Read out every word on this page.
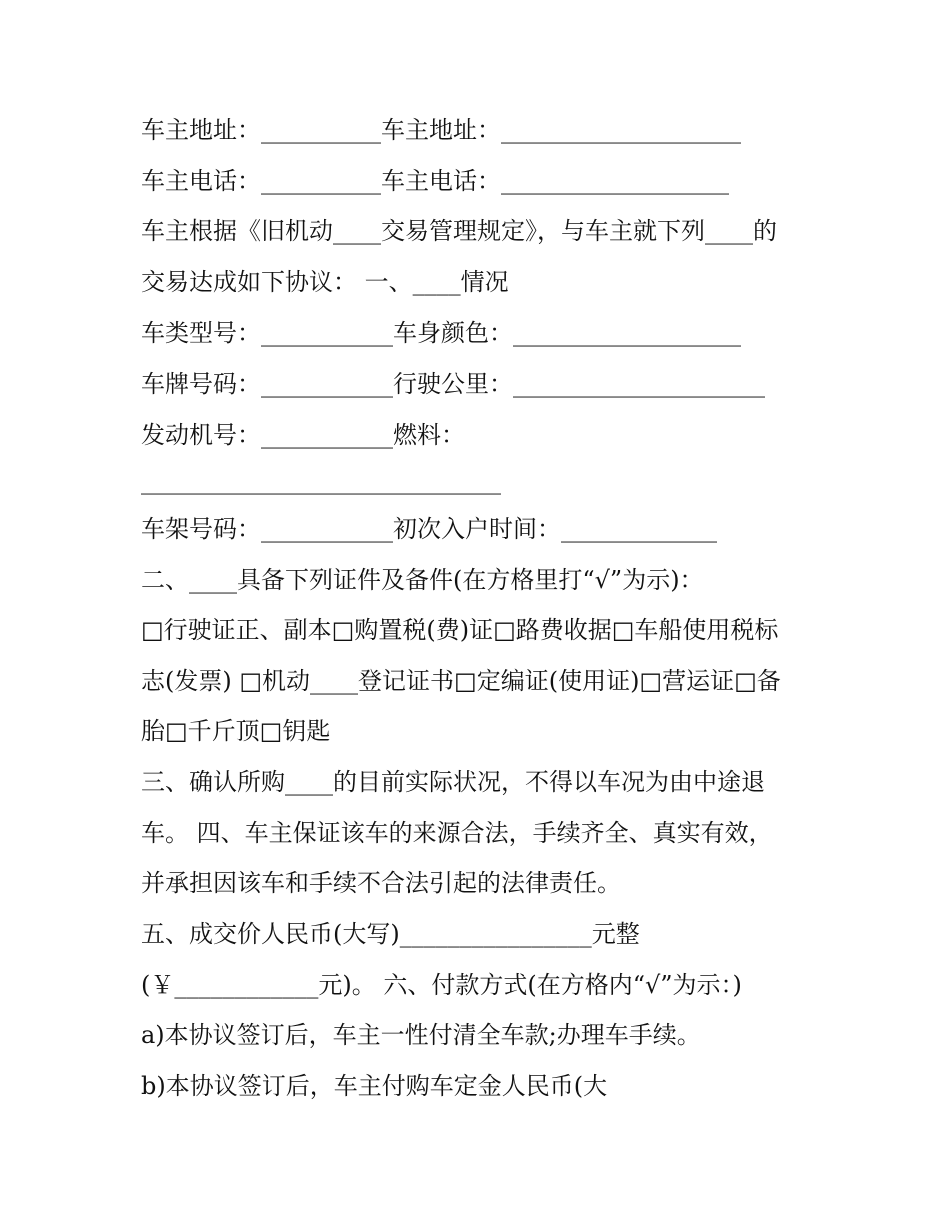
车主地址：__________车主地址：____________________
车主电话：__________车主电话：___________________
车主根据《旧机动____交易管理规定》，与车主就下列____的
交易达成如下协议： 一、____情况
车类型号：___________车身颜色：___________________
车牌号码：___________行驶公里：_____________________
发动机号：___________燃料：
______________________________
车架号码：___________初次入户时间：_____________
二、____具备下列证件及备件(在方格里打“√”为示)：
□行驶证正、副本□购置税(费)证□路费收据□车船使用税标
志(发票) □机动____登记证书□定编证(使用证)□营运证□备
胎□千斤顶□钥匙
三、确认所购____的目前实际状况，不得以车况为由中途退
车。 四、车主保证该车的来源合法，手续齐全、真实有效，
并承担因该车和手续不合法引起的法律责任。
五、成交价人民币(大写)________________元整
(￥____________元)。 六、付款方式(在方格内“√”为示：)
a)本协议签订后，车主一性付清全车款;办理车手续。
b)本协议签订后，车主付购车定金人民币(大
